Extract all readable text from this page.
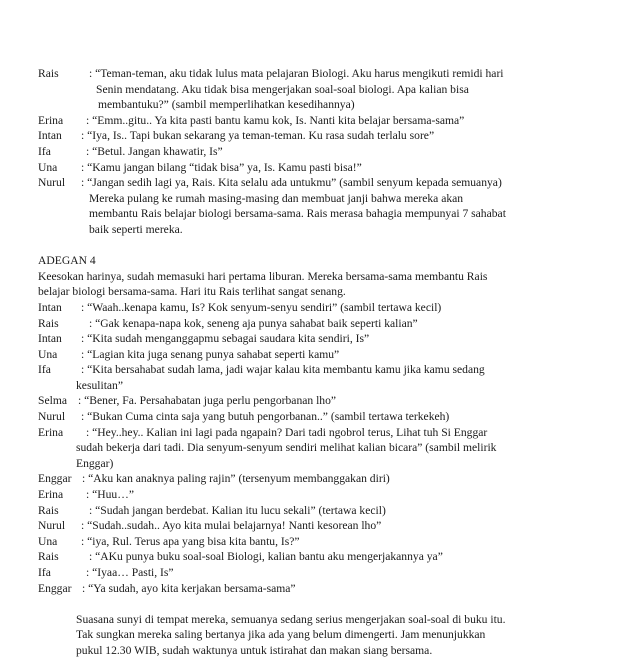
Rais	: “Teman-teman, aku tidak lulus mata pelajaran Biologi. Aku harus mengikuti remidi hari
Senin mendatang. Aku tidak bisa mengerjakan soal-soal biologi. Apa kalian bisa
membantuku?” (sambil memperlihatkan kesedihannya)
Erina : “Emm..gitu.. Ya kita pasti bantu kamu kok, Is. Nanti kita belajar bersama-sama”
Intan : “Iya, Is.. Tapi bukan sekarang ya teman-teman. Ku rasa sudah terlalu sore”
Ifa	: “Betul. Jangan khawatir, Is”
Una : “Kamu jangan bilang “tidak bisa” ya, Is. Kamu pasti bisa!”
Nurul : “Jangan sedih lagi ya, Rais. Kita selalu ada untukmu” (sambil senyum kepada semuanya)
Mereka pulang ke rumah masing-masing dan membuat janji bahwa mereka akan
membantu Rais belajar biologi bersama-sama. Rais merasa bahagia mempunyai 7 sahabat
baik seperti mereka.
ADEGAN 4
Keesokan harinya, sudah memasuki hari pertama liburan. Mereka bersama-sama membantu Rais
belajar biologi bersama-sama. Hari itu Rais terlihat sangat senang.
Intan : “Waah..kenapa kamu, Is? Kok senyum-senyu sendiri” (sambil tertawa kecil)
Rais	: “Gak kenapa-napa kok, seneng aja punya sahabat baik seperti kalian”
Intan : “Kita sudah menganggapmu sebagai saudara kita sendiri, Is”
Una : “Lagian kita juga senang punya sahabat seperti kamu”
Ifa	: “Kita bersahabat sudah lama, jadi wajar kalau kita membantu kamu jika kamu sedang
kesulitan”
Selma : “Bener, Fa. Persahabatan juga perlu pengorbanan lho”
Nurul : “Bukan Cuma cinta saja yang butuh pengorbanan..” (sambil tertawa terkekeh)
Erina : “Hey..hey.. Kalian ini lagi pada ngapain? Dari tadi ngobrol terus, Lihat tuh Si Enggar
sudah bekerja dari tadi. Dia senyum-senyum sendiri melihat kalian bicara” (sambil melirik
Enggar)
Enggar : “Aku kan anaknya paling rajin” (tersenyum membanggakan diri)
Erina : “Huu…”
Rais	: “Sudah jangan berdebat. Kalian itu lucu sekali” (tertawa kecil)
Nurul : “Sudah..sudah.. Ayo kita mulai belajarnya! Nanti kesorean lho”
Una : “iya, Rul. Terus apa yang bisa kita bantu, Is?”
Rais	: “AKu punya buku soal-soal Biologi, kalian bantu aku mengerjakannya ya”
Ifa	: “Iyaa… Pasti, Is”
Enggar : “Ya sudah, ayo kita kerjakan bersama-sama”
Suasana sunyi di tempat mereka, semuanya sedang serius mengerjakan soal-soal di buku itu.
Tak sungkan mereka saling bertanya jika ada yang belum dimengerti. Jam menunjukkan
pukul 12.30 WIB, sudah waktunya untuk istirahat dan makan siang bersama.
